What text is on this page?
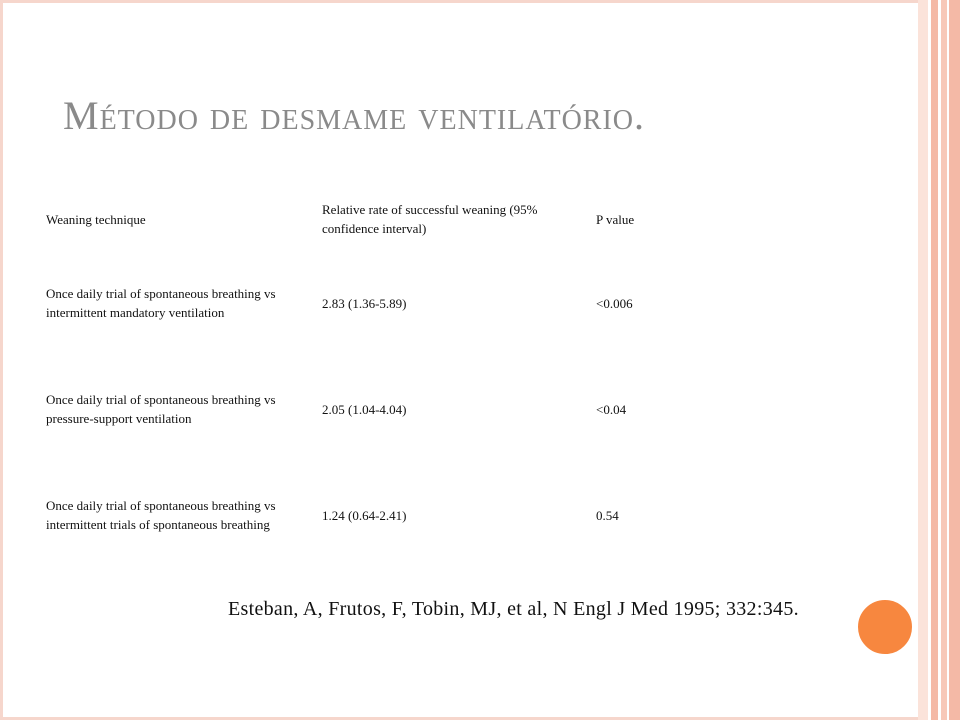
Método de desmame ventilatório.
Weaning technique	Relative rate of successful weaning (95% confidence interval)	P value
Once daily trial of spontaneous breathing vs intermittent mandatory ventilation	2.83 (1.36-5.89)	<0.006
Once daily trial of spontaneous breathing vs pressure-support ventilation	2.05 (1.04-4.04)	<0.04
Once daily trial of spontaneous breathing vs intermittent trials of spontaneous breathing	1.24 (0.64-2.41)	0.54
Esteban, A, Frutos, F, Tobin, MJ, et al, N Engl J Med 1995; 332:345.
